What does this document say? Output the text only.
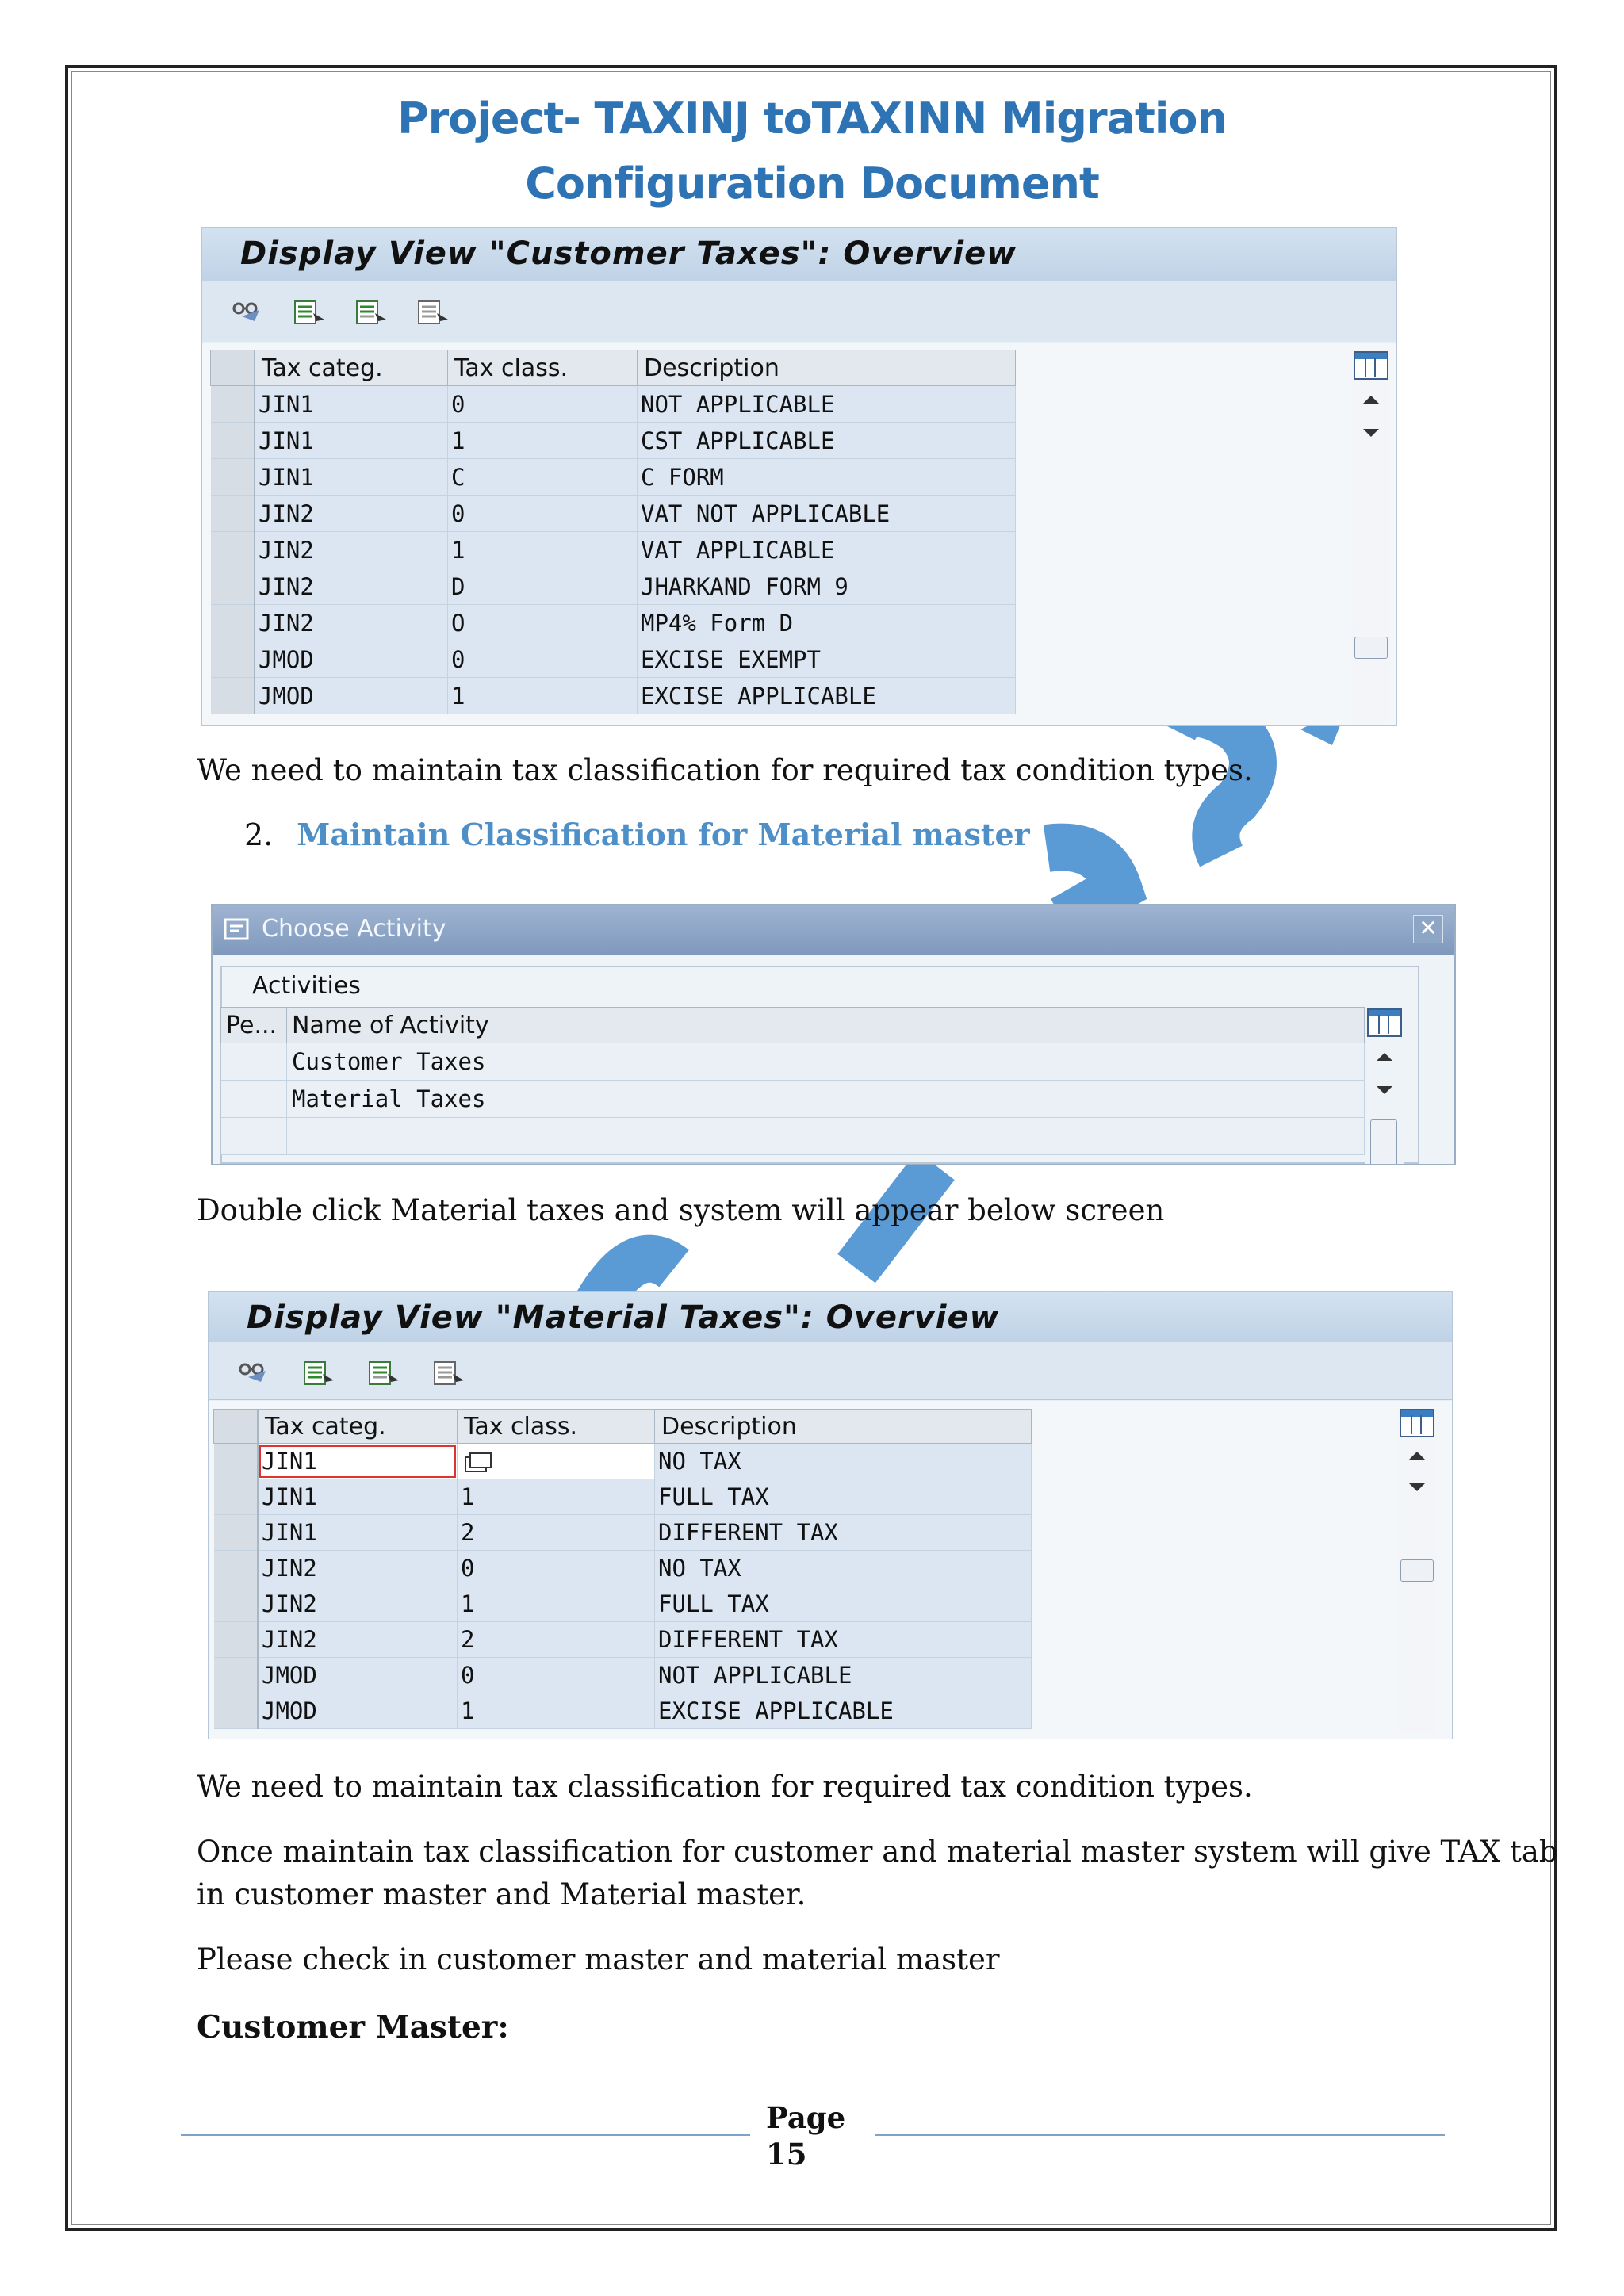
Project- TAXINJ toTAXINN Migration
Configuration Document
Display View "Customer Taxes": Overview
	Tax categ.	Tax class.	Description
	JIN1	0	NOT APPLICABLE
	JIN1	1	CST APPLICABLE
	JIN1	C	C FORM
	JIN2	0	VAT NOT APPLICABLE
	JIN2	1	VAT APPLICABLE
	JIN2	D	JHARKAND FORM 9
	JIN2	O	MP4% Form D
	JMOD	0	EXCISE EXEMPT
	JMOD	1	EXCISE APPLICABLE
We need to maintain tax classification for required tax condition types.
2. Maintain Classification for Material master
Choose Activity	✕
Activities
Pe...	Name of Activity
	Customer Taxes
	Material Taxes

Double click Material taxes and system will appear below screen
Display View "Material Taxes": Overview
	Tax categ.	Tax class.	Description
	JIN1		NO TAX
	JIN1	1	FULL TAX
	JIN1	2	DIFFERENT TAX
	JIN2	0	NO TAX
	JIN2	1	FULL TAX
	JIN2	2	DIFFERENT TAX
	JMOD	0	NOT APPLICABLE
	JMOD	1	EXCISE APPLICABLE
We need to maintain tax classification for required tax condition types.
Once maintain tax classification for customer and material master system will give TAX tab
in customer master and Material master.
Please check in customer master and material master
Customer Master:
Page
15
